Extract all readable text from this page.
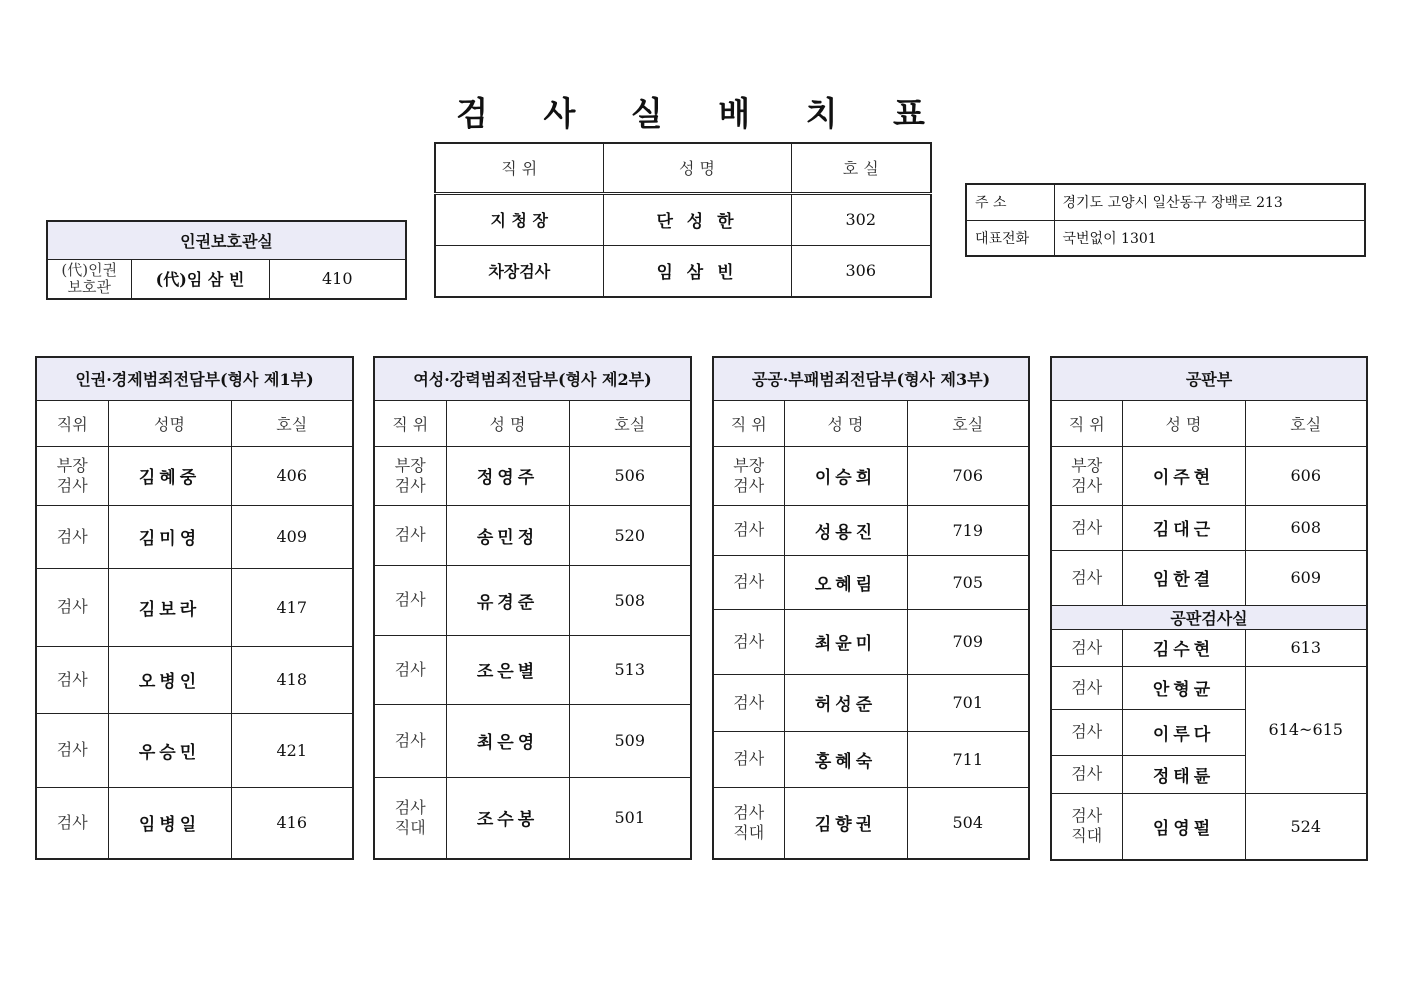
검 사 실 배 치 표
직 위	성 명	호 실
지 청 장	단 성 한	302
차장검사	임 삼 빈	306
인권보호관실
(代)인권
보호관	(代)임 삼 빈	410
주 소	경기도 고양시 일산동구 장백로 213
대표전화	국번없이 1301
인권·경제범죄전담부(형사 제1부)		
직위	성명	호실
부장
검사	김혜중	406
검사	김미영	409
검사	김보라	417
검사	오병인	418
검사	우승민	421
검사	임병일	416
여성·강력범죄전담부(형사 제2부)		
직 위	성 명	호실
부장
검사	정영주	506
검사	송민정	520
검사	유경준	508
검사	조은별	513
검사	최은영	509
검사
직대	조수봉	501
공공·부패범죄전담부(형사 제3부)		
직 위	성 명	호실
부장
검사	이승희	706
검사	성용진	719
검사	오혜림	705
검사	최윤미	709
검사	허성준	701
검사	홍혜숙	711
검사
직대	김향권	504
공판부		
직 위	성 명	호실
부장
검사	이주현	606
검사	김대근	608
검사	임한결	609
공판검사실		
검사	김수현	613
검사	안형균	614~615
검사	이루다	
검사	정태륜	
검사
직대	임영펄	524
